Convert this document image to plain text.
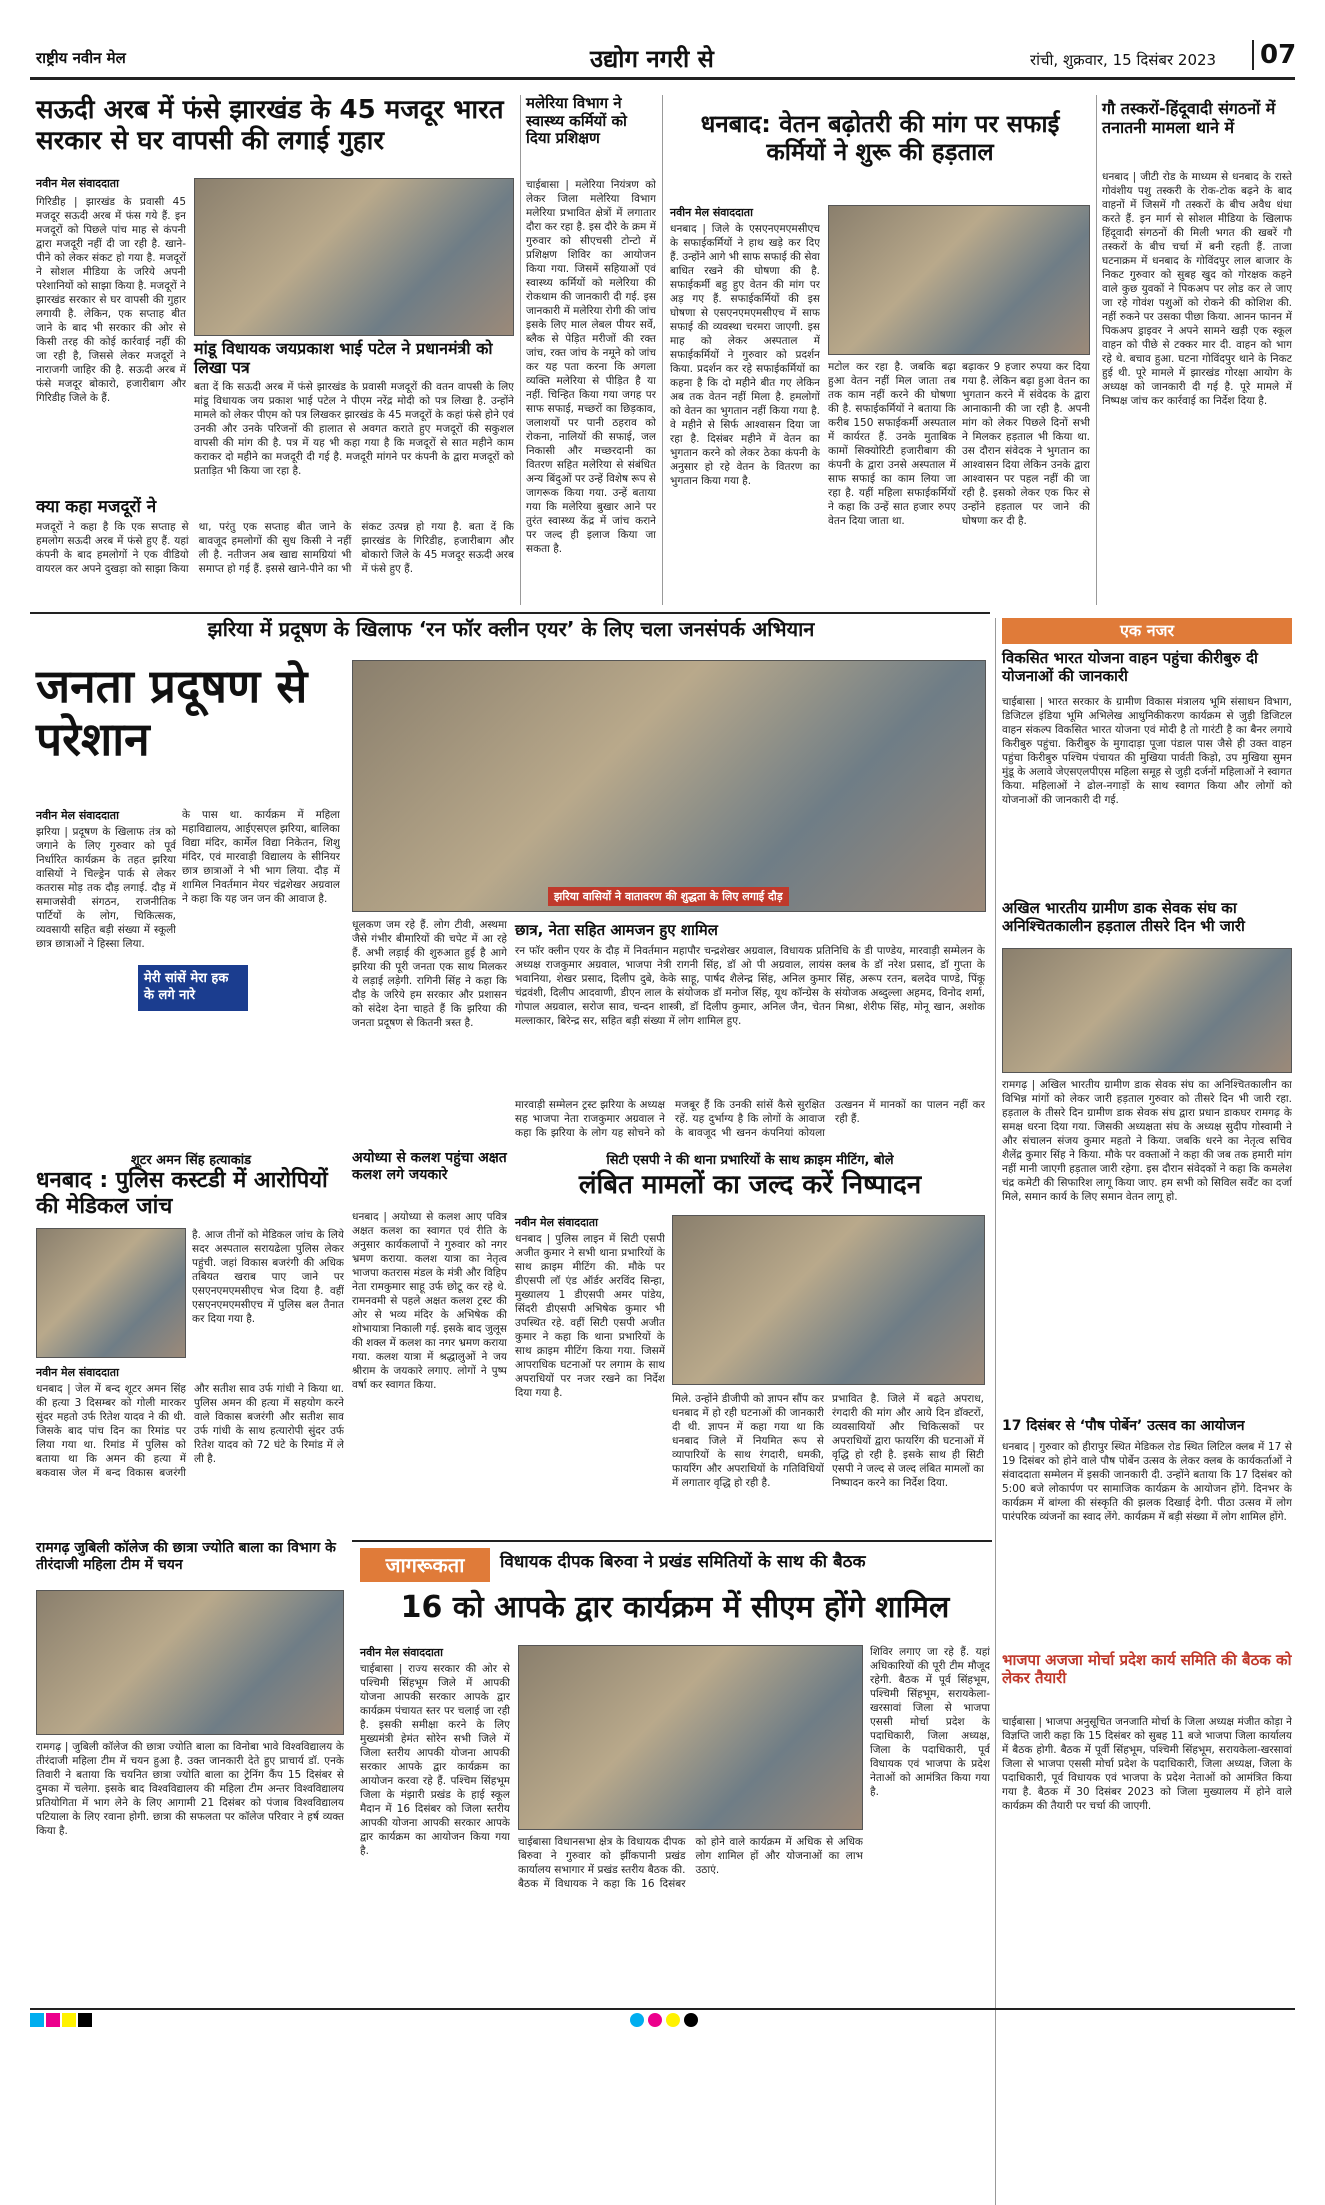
राष्ट्रीय नवीन मेल	उद्योग नगरी से	रांची, शुक्रवार, 15 दिसंबर 2023	07
सऊदी अरब में फंसे झारखंड के 45 मजदूर भारत सरकार से घर वापसी की लगाई गुहार
नवीन मेल संवाददाता
गिरिडीह | झारखंड के प्रवासी 45 मजदूर सऊदी अरब में फंस गये हैं. इन मजदूरों को पिछले पांच माह से कंपनी द्वारा मजदूरी नहीं दी जा रही है. खाने-पीने को लेकर संकट हो गया है. मजदूरों ने सोशल मीडिया के जरिये अपनी परेशानियों को साझा किया है. मजदूरों ने झारखंड सरकार से घर वापसी की गुहार लगायी है. लेकिन, एक सप्ताह बीत जाने के बाद भी सरकार की ओर से किसी तरह की कोई कार्रवाई नहीं की जा रही है, जिससे लेकर मजदूरों ने नाराजगी जाहिर की है. सऊदी अरब में फंसे मजदूर बोकारो, हजारीबाग और गिरिडीह जिले के हैं.
मांडू विधायक जयप्रकाश भाई पटेल ने प्रधानमंत्री को लिखा पत्र
बता दें कि सऊदी अरब में फंसे झारखंड के प्रवासी मजदूरों की वतन वापसी के लिए मांडू विधायक जय प्रकाश भाई पटेल ने पीएम नरेंद्र मोदी को पत्र लिखा है. उन्होंने मामले को लेकर पीएम को पत्र लिखकर झारखंड के 45 मजदूरों के कहां फंसे होने एवं उनकी और उनके परिजनों की हालात से अवगत कराते हुए मजदूरों की सकुशल वापसी की मांग की है. पत्र में यह भी कहा गया है कि मजदूरों से सात महीने काम कराकर दो महीने का मजदूरी दी गई है. मजदूरी मांगने पर कंपनी के द्वारा मजदूरों को प्रताड़ित भी किया जा रहा है.
क्या कहा मजदूरों ने
मजदूरों ने कहा है कि एक सप्ताह से हमलोग सऊदी अरब में फंसे हुए हैं. यहां कंपनी के बाद हमलोगों ने एक वीडियो वायरल कर अपने दुखड़ा को साझा किया था, परंतु एक सप्ताह बीत जाने के बावजूद हमलोगों की सुध किसी ने नहीं ली है. नतीजन अब खाद्य सामग्रियां भी समाप्त हो गई हैं. इससे खाने-पीने का भी संकट उत्पन्न हो गया है. बता दें कि झारखंड के गिरिडीह, हजारीबाग और बोकारो जिले के 45 मजदूर सऊदी अरब में फंसे हुए हैं.
मलेरिया विभाग ने स्वास्थ्य कर्मियों को दिया प्रशिक्षण
चाईबासा | मलेरिया नियंत्रण को लेकर जिला मलेरिया विभाग मलेरिया प्रभावित क्षेत्रों में लगातार दौरा कर रहा है. इस दौरे के क्रम में गुरुवार को सीएचसी टोन्टो में प्रशिक्षण शिविर का आयोजन किया गया. जिसमें सहियाओं एवं स्वास्थ्य कर्मियों को मलेरिया की रोकथाम की जानकारी दी गई. इस जानकारी में मलेरिया रोगी की जांच इसके लिए माल लेबल पीयर सर्वे, ब्लैक से पेड़ित मरीजों की रक्त जांच, रक्त जांच के नमूने को जांच कर यह पता करना कि अगला व्यक्ति मलेरिया से पीड़ित है या नहीं. चिन्हित किया गया जगह पर साफ सफाई, मच्छरों का छिड़काव, जलाशयों पर पानी ठहराव को रोकना, नालियों की सफाई, जल निकासी और मच्छरदानी का वितरण सहित मलेरिया से संबंधित अन्य बिंदुओं पर उन्हें विशेष रूप से जागरूक किया गया. उन्हें बताया गया कि मलेरिया बुखार आने पर तुरंत स्वास्थ्य केंद्र में जांच कराने पर जल्द ही इलाज किया जा सकता है.
धनबाद: वेतन बढ़ोतरी की मांग पर सफाई कर्मियों ने शुरू की हड़ताल
नवीन मेल संवाददाता
धनबाद | जिले के एसएनएमएमसीएच के सफाईकर्मियों ने हाथ खड़े कर दिए हैं. उन्होंने आगे भी साफ सफाई की सेवा बाधित रखने की घोषणा की है. सफाईकर्मी बहु हुए वेतन की मांग पर अड़ गए हैं. सफाईकर्मियों की इस घोषणा से एसएनएमएमसीएच में साफ सफाई की व्यवस्था चरमरा जाएगी. इस माह को लेकर अस्पताल में सफाईकर्मियों ने गुरुवार को प्रदर्शन किया. प्रदर्शन कर रहे सफाईकर्मियों का कहना है कि दो महीने बीत गए लेकिन अब तक वेतन नहीं मिला है. हमलोगों को वेतन का भुगतान नहीं किया गया है. वे महीने से सिर्फ आश्वासन दिया जा रहा है. दिसंबर महीने में वेतन का भुगतान करने को लेकर ठेका कंपनी के अनुसार हो रहे वेतन के वितरण का भुगतान किया गया है.
मटोल कर रहा है. जबकि बढ़ा हुआ वेतन नहीं मिल जाता तब तक काम नहीं करने की घोषणा की है. सफाईकर्मियों ने बताया कि करीब 150 सफाईकर्मी अस्पताल में कार्यरत हैं. उनके मुताबिक कामों सिक्योरिटी हजारीबाग की कंपनी के द्वारा उनसे अस्पताल में साफ सफाई का काम लिया जा रहा है. यहीं महिला सफाईकर्मियों ने कहा कि उन्हें सात हजार रुपए वेतन दिया जाता था.
बढ़ाकर 9 हजार रुपया कर दिया गया है. लेकिन बढ़ा हुआ वेतन का भुगतान करने में संवेदक के द्वारा आनाकानी की जा रही है. अपनी मांग को लेकर पिछले दिनों सभी ने मिलकर हड़ताल भी किया था. उस दौरान संवेदक ने भुगतान का आश्वासन दिया लेकिन उनके द्वारा आश्वासन पर पहल नहीं की जा रही है. इसको लेकर एक फिर से उन्होंने हड़ताल पर जाने की घोषणा कर दी है.
गौ तस्करों-हिंदूवादी संगठनों में तनातनी मामला थाने में
धनबाद | जीटी रोड के माध्यम से धनबाद के रास्ते गोवंशीय पशु तस्करी के रोक-टोक बढ़ने के बाद वाहनों में जिसमें गौ तस्करों के बीच अवैध धंधा करते हैं. इन मार्ग से सोशल मीडिया के खिलाफ हिंदूवादी संगठनों की मिली भगत की खबरें गौ तस्करों के बीच चर्चा में बनी रहती हैं. ताजा घटनाक्रम में धनबाद के गोविंदपुर लाल बाजार के निकट गुरुवार को सुबह खुद को गोरक्षक कहने वाले कुछ युवकों ने पिकअप पर लोड कर ले जाए जा रहे गोवंश पशुओं को रोकने की कोशिश की. नहीं रुकने पर उसका पीछा किया. आनन फानन में पिकअप ड्राइवर ने अपने सामने खड़ी एक स्कूल वाहन को पीछे से टक्कर मार दी. वाहन को भाग रहे थे. बचाव हुआ. घटना गोविंदपुर थाने के निकट हुई थी. पूरे मामले में झारखंड गोरक्षा आयोग के अध्यक्ष को जानकारी दी गई है. पूरे मामले में निष्पक्ष जांच कर कार्रवाई का निर्देश दिया है.
झरिया में प्रदूषण के खिलाफ ‘रन फॉर क्लीन एयर’ के लिए चला जनसंपर्क अभियान
जनता प्रदूषण से परेशान
नवीन मेल संवाददाता
झरिया | प्रदूषण के खिलाफ तंत्र को जगाने के लिए गुरुवार को पूर्व निर्धारित कार्यक्रम के तहत झरिया वासियों ने चिल्ड्रेन पार्क से लेकर कतरास मोड़ तक दौड़ लगाई. दौड़ में समाजसेवी संगठन, राजनीतिक पार्टियों के लोग, चिकित्सक, व्यवसायी सहित बड़ी संख्या में स्कूली छात्र छात्राओं ने हिस्सा लिया.
मेरी सांसें मेरा हक के लगे नारे
के पास था. कार्यक्रम में महिला महाविद्यालय, आईएसएल झरिया, बालिका विद्या मंदिर, कार्मेल विद्या निकेतन, शिशु मंदिर, एवं मारवाड़ी विद्यालय के सीनियर छात्र छात्राओं ने भी भाग लिया. दौड़ में शामिल निवर्तमान मेयर चंद्रशेखर अग्रवाल ने कहा कि यह जन जन की आवाज है.	झरिया वासियों ने वातावरण की शुद्धता के लिए लगाई दौड़
धूलकण जम रहे हैं. लोग टीवी, अस्थमा जैसे गंभीर बीमारियों की चपेट में आ रहे हैं. अभी लड़ाई की शुरुआत हुई है आगे झरिया की पूरी जनता एक साथ मिलकर ये लड़ाई लड़ेगी. रागिनी सिंह ने कहा कि दौड़ के जरिये हम सरकार और प्रशासन को संदेश देना चाहते हैं कि झरिया की जनता प्रदूषण से कितनी त्रस्त है.
छात्र, नेता सहित आमजन हुए शामिल
रन फॉर क्लीन एयर के दौड़ में निवर्तमान महापौर चन्द्रशेखर अग्रवाल, विधायक प्रतिनिधि के डी पाण्डेय, मारवाड़ी सम्मेलन के अध्यक्ष राजकुमार अग्रवाल, भाजपा नेत्री रागनी सिंह, डॉ ओ पी अग्रवाल, लायंस क्लब के डॉ नरेश प्रसाद, डॉ गुप्ता के भवानिया, शेखर प्रसाद, दिलीप दुबे, केके साहू, पार्षद शैलेन्द्र सिंह, अनिल कुमार सिंह, अरूप रतन, बलदेव पाण्डे, पिंकू चंद्रवंशी, दिलीप आदवाणी, डीएन लाल के संयोजक डॉ मनोज सिंह, यूथ कॉन्ग्रेस के संयोजक अब्दुल्ला अहमद, विनोद शर्मा, गोपाल अग्रवाल, सरोज साव, चन्दन शास्त्री, डॉ दिलीप कुमार, अनिल जैन, चेतन मिश्रा, शेरीफ सिंह, मोनू खान, अशोक मल्लाकार, बिरेन्द्र सर, सहित बड़ी संख्या में लोग शामिल हुए.
मारवाड़ी सम्मेलन ट्रस्ट झरिया के अध्यक्ष सह भाजपा नेता राजकुमार अग्रवाल ने कहा कि झरिया के लोग यह सोचने को मजबूर हैं कि उनकी सांसें कैसे सुरक्षित रहें. यह दुर्भाग्य है कि लोगों के आवाज के बावजूद भी खनन कंपनियां कोयला उत्खनन में मानकों का पालन नहीं कर रही हैं.
शूटर अमन सिंह हत्याकांड
धनबाद : पुलिस कस्टडी में आरोपियों की मेडिकल जांच
है. आज तीनों को मेडिकल जांच के लिये सदर अस्पताल सरायढेला पुलिस लेकर पहुंची. जहां विकास बजरंगी की अधिक तबियत खराब पाए जाने पर एसएनएमएमसीएच भेज दिया है. वहीं एसएनएमएमसीएच में पुलिस बल तैनात कर दिया गया है.
नवीन मेल संवाददाता
धनबाद | जेल में बन्द शूटर अमन सिंह की हत्या 3 दिसम्बर को गोली मारकर सुंदर महतो उर्फ रितेश यादव ने की थी. जिसके बाद पांच दिन का रिमांड पर लिया गया था. रिमांड में पुलिस को बताया था कि अमन की हत्या में बकवास जेल में बन्द विकास बजरंगी और सतीश साव उर्फ गांधी ने किया था. पुलिस अमन की हत्या में सहयोग करने वाले विकास बजरंगी और सतीश साव उर्फ गांधी के साथ हत्यारोपी सुंदर उर्फ रितेश यादव को 72 घंटे के रिमांड में ले ली है.
अयोध्या से कलश पहुंचा अक्षत कलश लगे जयकारे
धनबाद | अयोध्या से कलश आए पवित्र अक्षत कलश का स्वागत एवं रीति के अनुसार कार्यकलापों ने गुरुवार को नगर भ्रमण कराया. कलश यात्रा का नेतृत्व भाजपा कतरास मंडल के मंत्री और विहिप नेता रामकुमार साहू उर्फ छोटू कर रहे थे. रामनवमी से पहले अक्षत कलश ट्रस्ट की ओर से भव्य मंदिर के अभिषेक की शोभायात्रा निकाली गई. इसके बाद जुलूस की शक्ल में कलश का नगर भ्रमण कराया गया. कलश यात्रा में श्रद्धालुओं ने जय श्रीराम के जयकारे लगाए. लोगों ने पुष्प वर्षा कर स्वागत किया.
सिटी एसपी ने की थाना प्रभारियों के साथ क्राइम मीटिंग, बोले
लंबित मामलों का जल्द करें निष्पादन
नवीन मेल संवाददाता
धनबाद | पुलिस लाइन में सिटी एसपी अजीत कुमार ने सभी थाना प्रभारियों के साथ क्राइम मीटिंग की. मौके पर डीएसपी लॉ एंड ऑर्डर अरविंद सिन्हा, मुख्यालय 1 डीएसपी अमर पांडेय, सिंदरी डीएसपी अभिषेक कुमार भी उपस्थित रहे. वहीं सिटी एसपी अजीत कुमार ने कहा कि थाना प्रभारियों के साथ क्राइम मीटिंग किया गया. जिसमें आपराधिक घटनाओं पर लगाम के साथ अपराधियों पर नजर रखने का निर्देश दिया गया है.	मिले. उन्होंने डीजीपी को ज्ञापन सौंप कर धनबाद में हो रही घटनाओं की जानकारी दी थी. ज्ञापन में कहा गया था कि धनबाद जिले में नियमित रूप से व्यापारियों के साथ रंगदारी, धमकी, फायरिंग और अपराधियों के गतिविधियों में लगातार वृद्धि हो रही है.
प्रभावित है. जिले में बढ़ते अपराध, रंगदारी की मांग और आये दिन डॉक्टरों, व्यवसायियों और चिकित्सकों पर अपराधियों द्वारा फायरिंग की घटनाओं में वृद्धि हो रही है. इसके साथ ही सिटी एसपी ने जल्द से जल्द लंबित मामलों का निष्पादन करने का निर्देश दिया.
एक नजर
विकसित भारत योजना वाहन पहुंचा कीरीबुरु दी योजनाओं की जानकारी
चाईबासा | भारत सरकार के ग्रामीण विकास मंत्रालय भूमि संसाधन विभाग, डिजिटल इंडिया भूमि अभिलेख आधुनिकीकरण कार्यक्रम से जुड़ी डिजिटल वाहन संकल्प विकसित भारत योजना एवं मोदी है तो गारंटी है का बैनर लगाये किरीबुरु पहुंचा. किरीबुरु के मुगादाड़ा पूजा पंडाल पास जैसे ही उक्त वाहन पहुंचा किरीबुरु पश्चिम पंचायत की मुखिया पार्वती किड़ो, उप मुखिया सुमन मुंडू के अलावे जेएसएलपीएस महिला समूह से जुड़ी दर्जनों महिलाओं ने स्वागत किया. महिलाओं ने ढोल-नगाड़ों के साथ स्वागत किया और लोगों को योजनाओं की जानकारी दी गई.
अखिल भारतीय ग्रामीण डाक सेवक संघ का अनिश्चितकालीन हड़ताल तीसरे दिन भी जारी
रामगढ़ | अखिल भारतीय ग्रामीण डाक सेवक संघ का अनिश्चितकालीन का विभिन्न मांगों को लेकर जारी हड़ताल गुरुवार को तीसरे दिन भी जारी रहा. हड़ताल के तीसरे दिन ग्रामीण डाक सेवक संघ द्वारा प्रधान डाकघर रामगढ़ के समक्ष धरना दिया गया. जिसकी अध्यक्षता संघ के अध्यक्ष सुदीप गोस्वामी ने और संचालन संजय कुमार महतो ने किया. जबकि धरने का नेतृत्व सचिव शैलेंद्र कुमार सिंह ने किया. मौके पर वक्ताओं ने कहा की जब तक हमारी मांग नहीं मानी जाएगी हड़ताल जारी रहेगा. इस दौरान संवेदकों ने कहा कि कमलेश चंद्र कमेटी की सिफारिश लागू किया जाए. हम सभी को सिविल सर्वेंट का दर्जा मिले, समान कार्य के लिए समान वेतन लागू हो.
17 दिसंबर से ‘पौष पोर्बेन’ उत्सव का आयोजन
धनबाद | गुरुवार को हीरापुर स्थित मेडिकल रोड स्थित लिटिल क्लब में 17 से 19 दिसंबर को होने वाले पौष पोर्बेन उत्सव के लेकर क्लब के कार्यकर्ताओं ने संवाददाता सम्मेलन में इसकी जानकारी दी. उन्होंने बताया कि 17 दिसंबर को 5:00 बजे लोकार्पण पर सामाजिक कार्यक्रम के आयोजन होंगे. दिनभर के कार्यक्रम में बांग्ला की संस्कृति की झलक दिखाई देगी. पीठा उत्सव में लोग पारंपरिक व्यंजनों का स्वाद लेंगे. कार्यक्रम में बड़ी संख्या में लोग शामिल होंगे.
जागरूकता	विधायक दीपक बिरुवा ने प्रखंड समितियों के साथ की बैठक
16 को आपके द्वार कार्यक्रम में सीएम होंगे शामिल
नवीन मेल संवाददाता
चाईबासा | राज्य सरकार की ओर से पश्चिमी सिंहभूम जिले में आपकी योजना आपकी सरकार आपके द्वार कार्यक्रम पंचायत स्तर पर चलाई जा रही है. इसकी समीक्षा करने के लिए मुख्यमंत्री हेमंत सोरेन सभी जिले में जिला स्तरीय आपकी योजना आपकी सरकार आपके द्वार कार्यक्रम का आयोजन करवा रहे हैं. पश्चिम सिंहभूम जिला के मंझारी प्रखंड के हाई स्कूल मैदान में 16 दिसंबर को जिला स्तरीय आपकी योजना आपकी सरकार आपके द्वार कार्यक्रम का आयोजन किया गया है.
चाईबासा विधानसभा क्षेत्र के विधायक दीपक बिरुवा ने गुरुवार को झींकपानी प्रखंड कार्यालय सभागार में प्रखंड स्तरीय बैठक की. बैठक में विधायक ने कहा कि 16 दिसंबर को होने वाले कार्यक्रम में अधिक से अधिक लोग शामिल हों और योजनाओं का लाभ उठाएं.
शिविर लगाए जा रहे हैं. यहां अधिकारियों की पूरी टीम मौजूद रहेगी. बैठक में पूर्व सिंहभूम, पश्चिमी सिंहभूम, सरायकेला-खरसावां जिला से भाजपा एससी मोर्चा प्रदेश के पदाधिकारी, जिला अध्यक्ष, जिला के पदाधिकारी, पूर्व विधायक एवं भाजपा के प्रदेश नेताओं को आमंत्रित किया गया है.
भाजपा अजजा मोर्चा प्रदेश कार्य समिति की बैठक को लेकर तैयारी
चाईबासा | भाजपा अनुसूचित जनजाति मोर्चा के जिला अध्यक्ष मंजीत कोड़ा ने विज्ञप्ति जारी कहा कि 15 दिसंबर को सुबह 11 बजे भाजपा जिला कार्यालय में बैठक होगी. बैठक में पूर्वी सिंहभूम, पश्चिमी सिंहभूम, सरायकेला-खरसावां जिला से भाजपा एससी मोर्चा प्रदेश के पदाधिकारी, जिला अध्यक्ष, जिला के पदाधिकारी, पूर्व विधायक एवं भाजपा के प्रदेश नेताओं को आमंत्रित किया गया है. बैठक में 30 दिसंबर 2023 को जिला मुख्यालय में होने वाले कार्यक्रम की तैयारी पर चर्चा की जाएगी.
रामगढ़ जुबिली कॉलेज की छात्रा ज्योति बाला का विभाग के तीरंदाजी महिला टीम में चयन
रामगढ़ | जुबिली कॉलेज की छात्रा ज्योति बाला का विनोबा भावे विश्वविद्यालय के तीरंदाजी महिला टीम में चयन हुआ है. उक्त जानकारी देते हुए प्राचार्य डॉ. एनके तिवारी ने बताया कि चयनित छात्रा ज्योति बाला का ट्रेनिंग कैंप 15 दिसंबर से दुमका में चलेगा. इसके बाद विश्वविद्यालय की महिला टीम अन्तर विश्वविद्यालय प्रतियोगिता में भाग लेने के लिए आगामी 21 दिसंबर को पंजाब विश्वविद्यालय पटियाला के लिए रवाना होगी. छात्रा की सफलता पर कॉलेज परिवार ने हर्ष व्यक्त किया है.
